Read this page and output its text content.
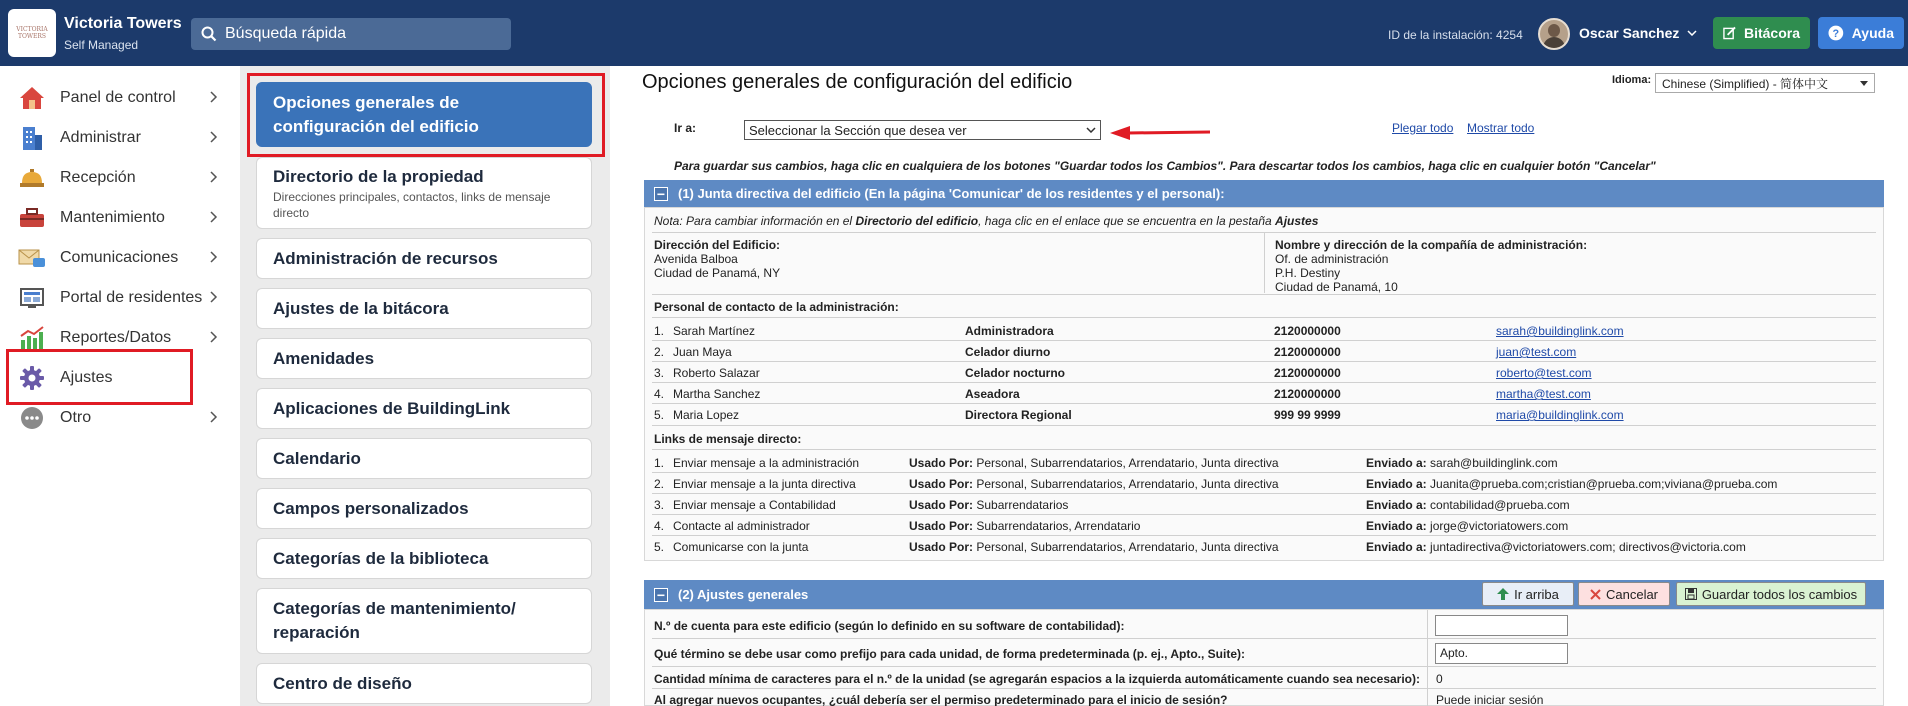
VICTORIA TOWERS
Victoria Towers
Self Managed
Búsqueda rápida	ID de la instalación: 4254	Oscar Sanchez	Bitácora	? Ayuda
Panel de control
Administrar
Recepción
Mantenimiento
Comunicaciones
Portal de residentes
Reportes/Datos
Ajustes
Otro
Opciones generales de configuración del edificio
Directorio de la propiedad
Direcciones principales, contactos, links de mensaje directo
Administración de recursos
Ajustes de la bitácora
Amenidades
Aplicaciones de BuildingLink
Calendario
Campos personalizados
Categorías de la biblioteca
Categorías de mantenimiento/ reparación
Centro de diseño
Opciones generales de configuración del edificio	Idioma: Chinese (Simplified) - 简体中文
Ir a:	Seleccionar la Sección que desea ver	Plegar todo Mostrar todo
Para guardar sus cambios, haga clic en cualquiera de los botones "Guardar todos los Cambios". Para descartar todos los cambios, haga clic en cualquier botón "Cancelar"
− (1) Junta directiva del edificio (En la página 'Comunicar' de los residentes y el personal):
Nota: Para cambiar información en el Directorio del edificio, haga clic en el enlace que se encuentra en la pestaña Ajustes
Dirección del Edificio:
Avenida Balboa
Ciudad de Panamá, NY
Nombre y dirección de la compañía de administración:
Of. de administración
P.H. Destiny
Ciudad de Panamá, 10
Personal de contacto de la administración:
1. Sarah Martínez	Administradora	2120000000	sarah@buildinglink.com
2. Juan Maya	Celador diurno	2120000000	juan@test.com
3. Roberto Salazar	Celador nocturno	2120000000	roberto@test.com
4. Martha Sanchez	Aseadora	2120000000	martha@test.com
5. Maria Lopez	Directora Regional	999 99 9999	maria@buildinglink.com
Links de mensaje directo:
1. Enviar mensaje a la administración	Usado Por: Personal, Subarrendatarios, Arrendatario, Junta directiva	Enviado a: sarah@buildinglink.com
2. Enviar mensaje a la junta directiva	Usado Por: Personal, Subarrendatarios, Arrendatario, Junta directiva	Enviado a: Juanita@prueba.com;cristian@prueba.com;viviana@prueba.com
3. Enviar mensaje a Contabilidad	Usado Por: Subarrendatarios	Enviado a: contabilidad@prueba.com
4. Contacte al administrador	Usado Por: Subarrendatarios, Arrendatario	Enviado a: jorge@victoriatowers.com
5. Comunicarse con la junta	Usado Por: Personal, Subarrendatarios, Arrendatario, Junta directiva	Enviado a: juntadirectiva@victoriatowers.com; directivos@victoria.com
− (2) Ajustes generales	Ir arriba	Cancelar	Guardar todos los cambios
N.º de cuenta para este edificio (según lo definido en su software de contabilidad):
Qué término se debe usar como prefijo para cada unidad, de forma predeterminada (p. ej., Apto., Suite):	Apto.
Cantidad mínima de caracteres para el n.º de la unidad (se agregarán espacios a la izquierda automáticamente cuando sea necesario): 0
Al agregar nuevos ocupantes, ¿cuál debería ser el permiso predeterminado para el inicio de sesión?	Puede iniciar sesión
